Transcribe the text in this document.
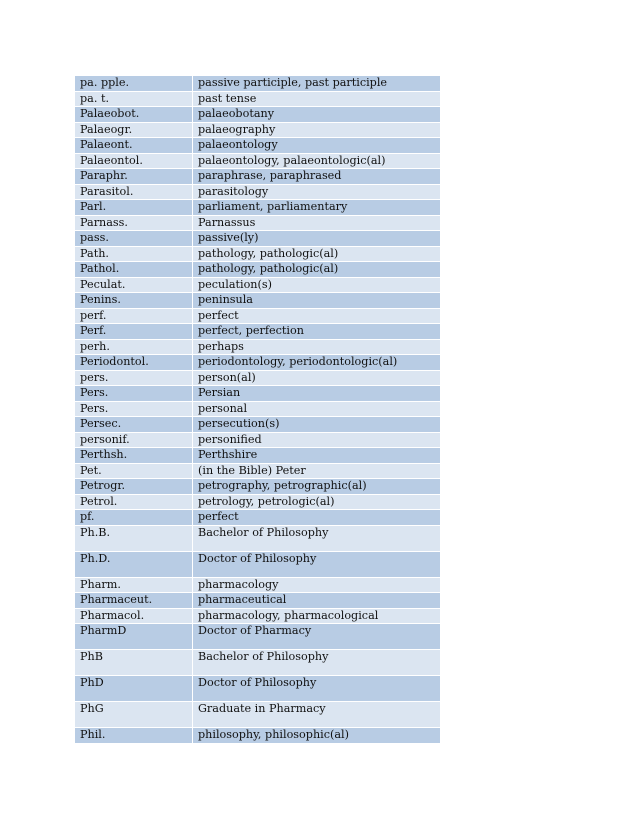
pa. pple.	passive participle, past participle
pa. t.	past tense
Palaeobot.	palaeobotany
Palaeogr.	palaeography
Palaeont.	palaeontology
Palaeontol.	palaeontology, palaeontologic(al)
Paraphr.	paraphrase, paraphrased
Parasitol.	parasitology
Parl.	parliament, parliamentary
Parnass.	Parnassus
pass.	passive(ly)
Path.	pathology, pathologic(al)
Pathol.	pathology, pathologic(al)
Peculat.	peculation(s)
Penins.	peninsula
perf.	perfect
Perf.	perfect, perfection
perh.	perhaps
Periodontol.	periodontology, periodontologic(al)
pers.	person(al)
Pers.	Persian
Pers.	personal
Persec.	persecution(s)
personif.	personified
Perthsh.	Perthshire
Pet.	(in the Bible) Peter
Petrogr.	petrography, petrographic(al)
Petrol.	petrology, petrologic(al)
pf.	perfect
Ph.B.	Bachelor of Philosophy
Ph.D.	Doctor of Philosophy
Pharm.	pharmacology
Pharmaceut.	pharmaceutical
Pharmacol.	pharmacology, pharmacological
PharmD	Doctor of Pharmacy
PhB	Bachelor of Philosophy
PhD	Doctor of Philosophy
PhG	Graduate in Pharmacy
Phil.	philosophy, philosophic(al)
